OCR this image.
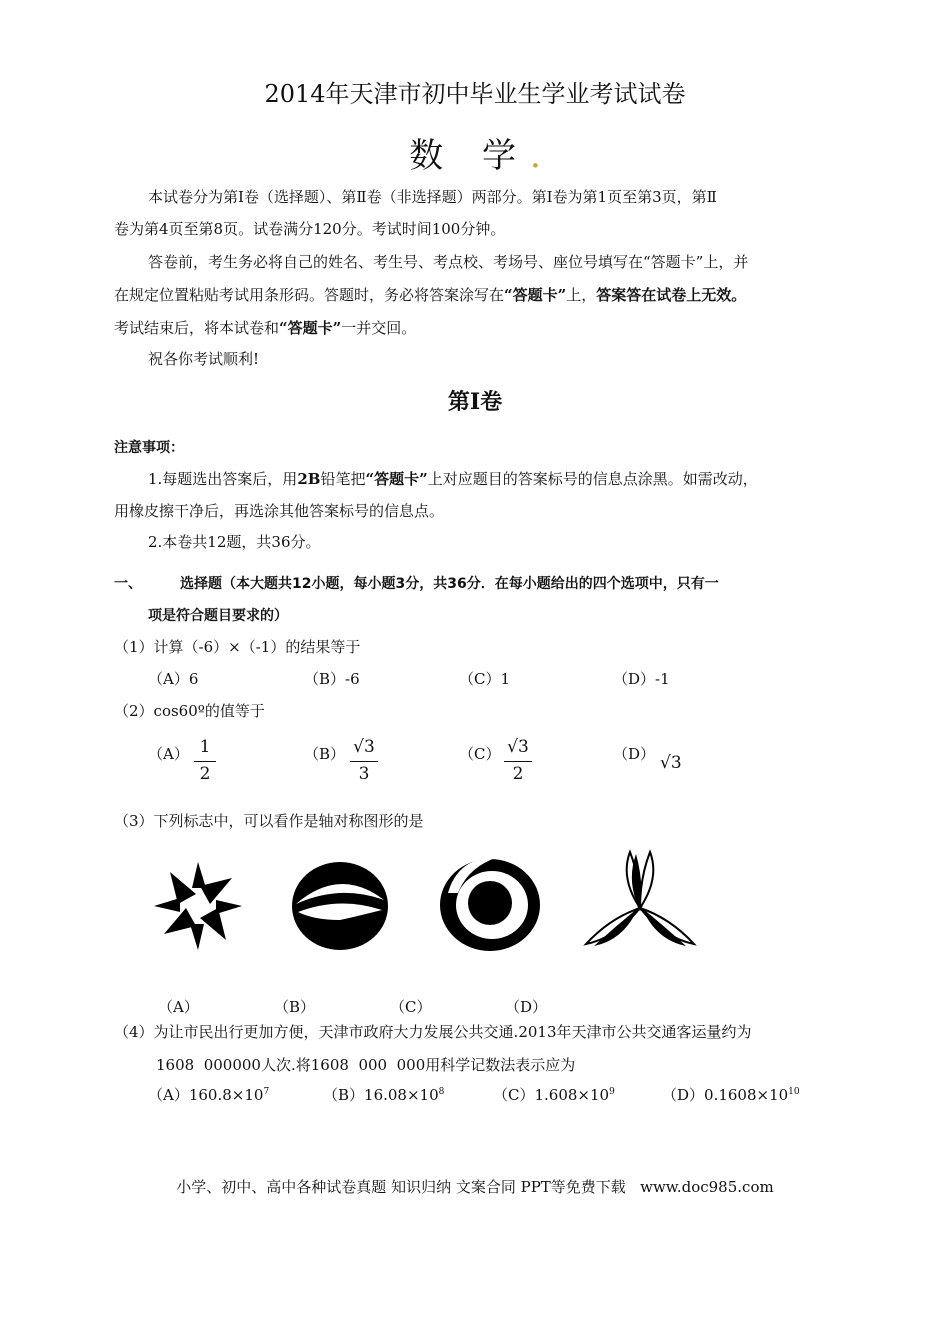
2014年天津市初中毕业生学业考试试卷
数 学.
本试卷分为第Ⅰ卷（选择题）、第Ⅱ卷（非选择题）两部分。第Ⅰ卷为第1页至第3页，第Ⅱ
卷为第4页至第8页。试卷满分120分。考试时间100分钟。
答卷前，考生务必将自己的姓名、考生号、考点校、考场号、座位号填写在“答题卡”上，并
在规定位置粘贴考试用条形码。答题时，务必将答案涂写在“答题卡”上，答案答在试卷上无效。
考试结束后，将本试卷和“答题卡”一并交回。
祝各你考试顺利!
第Ⅰ卷
注意事项：
1.每题选出答案后，用2B铅笔把“答题卡”上对应题目的答案标号的信息点涂黑。如需改动，
用橡皮擦干净后，再选涂其他答案标号的信息点。
2.本卷共12题，共36分。
一、	选择题（本大题共12小题，每小题3分，共36分．在每小题给出的四个选项中，只有一
项是符合题目要求的）
（1）计算（-6）×（-1）的结果等于
（A）6	（B）-6	（C）1	（D）-1
（2）cos60º的值等于
（A） 1
2
（B） √3
3
（C） √3
2
（D） √3
（3）下列标志中，可以看作是轴对称图形的是
（A）	（B）	（C）	（D）
（4）为让市民出行更加方便，天津市政府大力发展公共交通.2013年天津市公共交通客运量约为
1608  000000人次.将1608  000  000用科学记数法表示应为
$(A)160.8\times 10^7$	$(B)16.08\times 10^8$	$(C)1.608\times 10^9$	$(D)0.1608\times 10^{10}$
小学、初中、高中各种试卷真题 知识归纳 文案合同 PPT等免费下载   www.doc985.com
